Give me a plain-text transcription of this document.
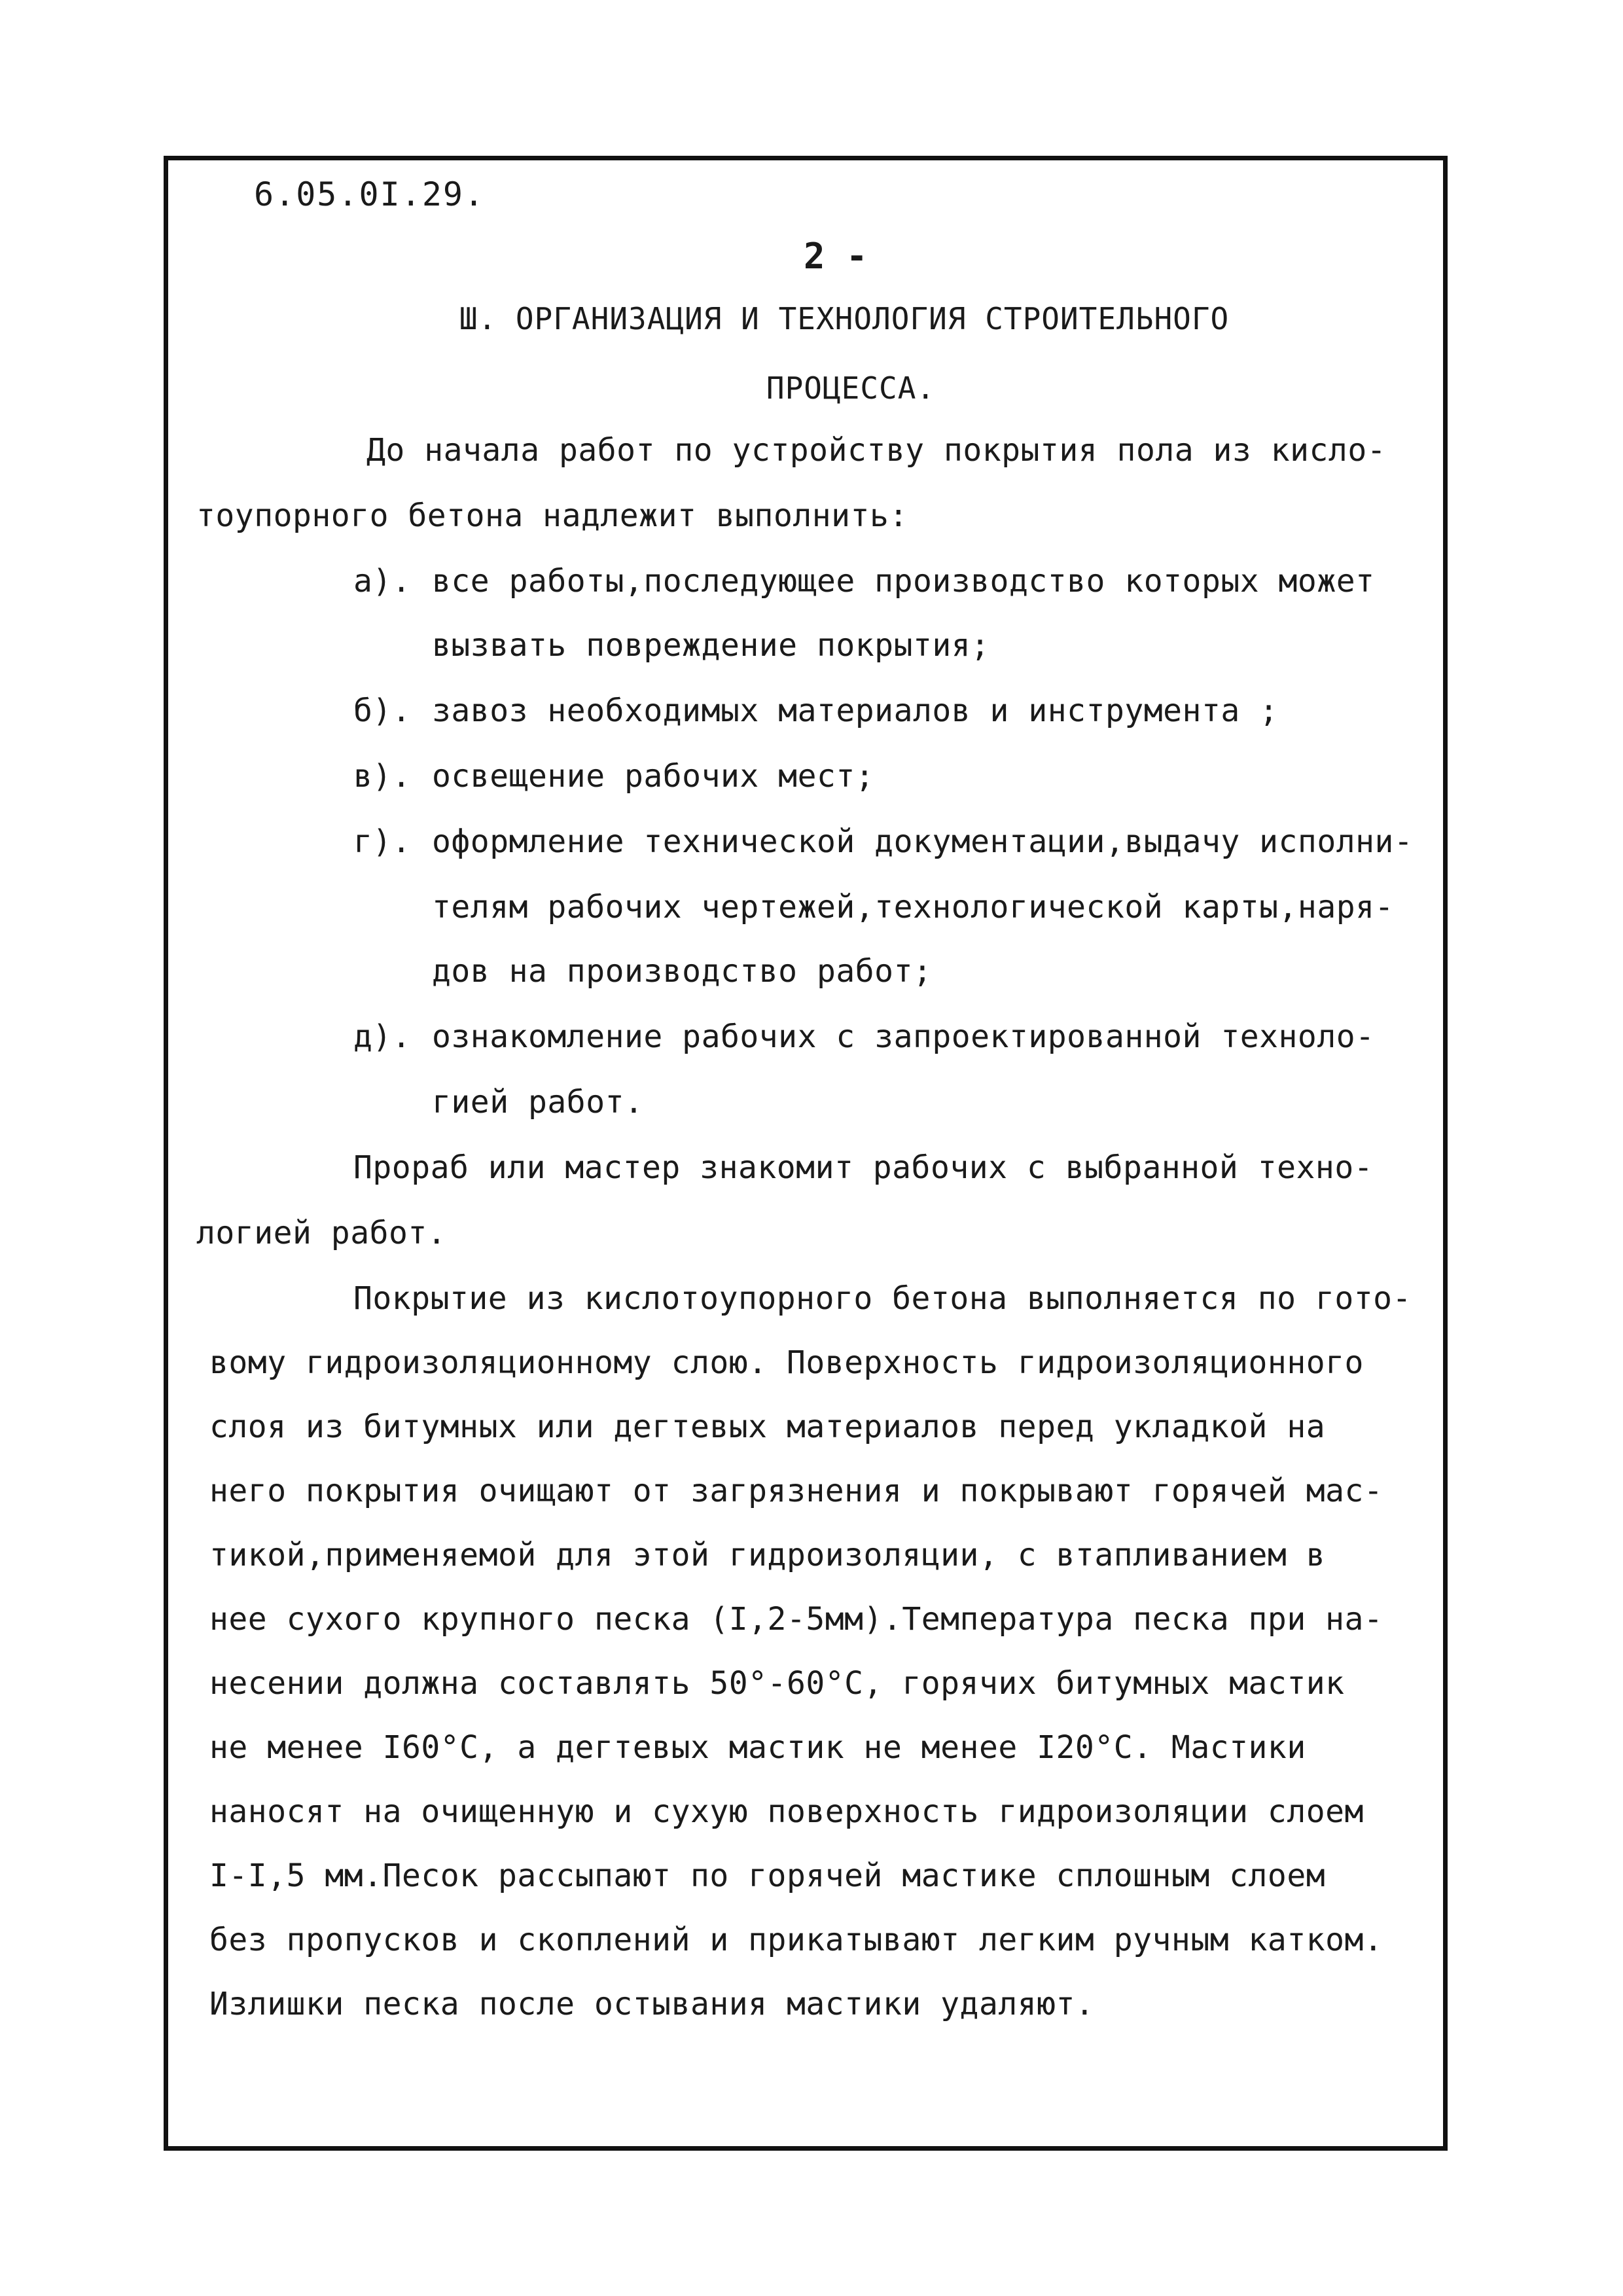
6.05.0I.29.
2 -
Ш. ОРГАНИЗАЦИЯ И ТЕХНОЛОГИЯ СТРОИТЕЛЬНОГО
ПРОЦЕССА.
До начала работ по устройству покрытия пола из кисло-
тоупорного бетона надлежит выполнить:
а). все работы,последующее производство которых может
вызвать повреждение покрытия;
б). завоз необходимых материалов и инструмента ;
в). освещение рабочих мест;
г). оформление технической документации,выдачу исполни-
телям рабочих чертежей,технологической карты,наря-
дов на производство работ;
д). ознакомление рабочих с запроектированной техноло-
гией работ.
Прораб или мастер знакомит рабочих с выбранной техно-
логией работ.
Покрытие из кислотоупорного бетона выполняется по гото-
вому гидроизоляционному слою. Поверхность гидроизоляционного
слоя из битумных или дегтевых материалов перед укладкой на
него покрытия очищают от загрязнения и покрывают горячей мас-
тикой,применяемой для этой гидроизоляции, с втапливанием в
нее сухого крупного песка (I,2-5мм).Температура песка при на-
несении должна составлять 50°-60°С, горячих битумных мастик
не менее I60°С, а дегтевых мастик не менее I20°С. Мастики
наносят на очищенную и сухую поверхность гидроизоляции слоем
I-I,5 мм.Песок рассыпают по горячей мастике сплошным слоем
без пропусков и скоплений и прикатывают легким ручным катком.
Излишки песка после остывания мастики удаляют.
